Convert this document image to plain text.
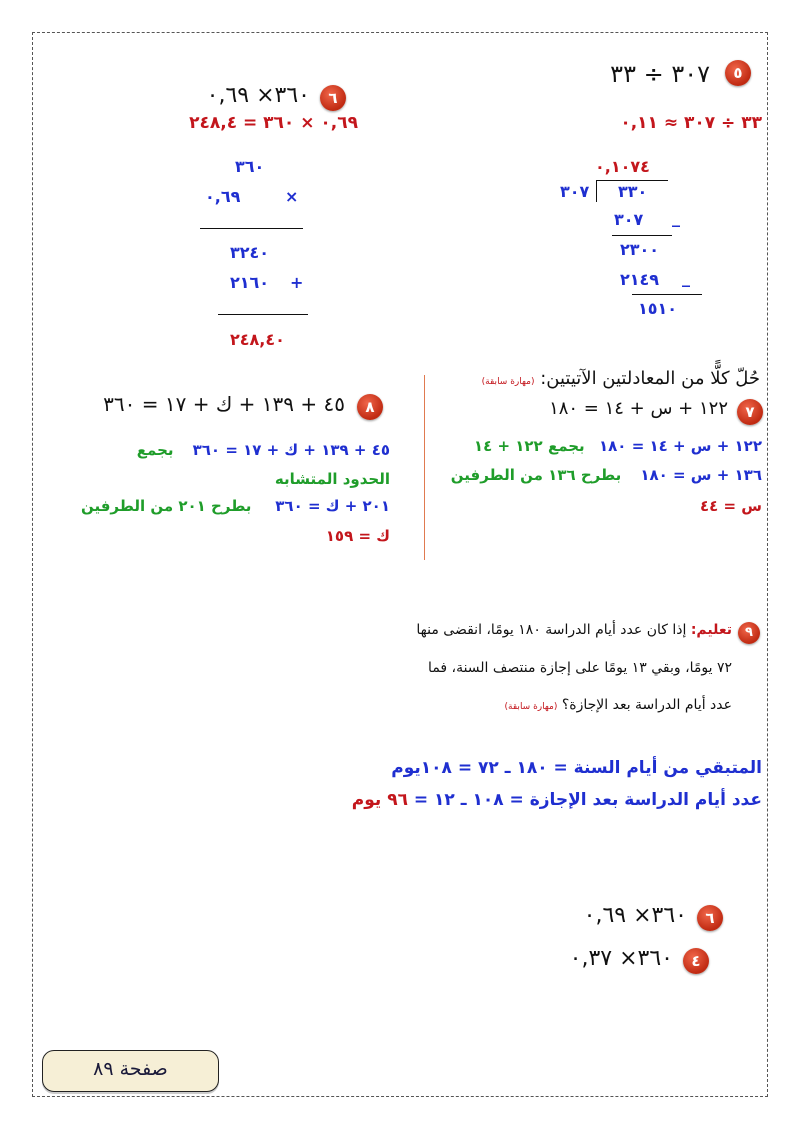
٥
٣٠٧ ÷ ٣٣
٣٣ ÷ ٣٠٧ ≈ ٠,١١
٠,١٠٧٤
٣٠٧ ٣٣٠
٣٠٧ _
٢٣٠٠
٢١٤٩ _
١٥١٠
٦
٣٦٠× ٠,٦٩
٠,٦٩ × ٣٦٠ = ٢٤٨,٤
٣٦٠
٠,٦٩	×
٣٢٤٠
٢١٦٠ +
٢٤٨,٤٠
حُلّ كلًّا من المعادلتين الآتيتين: (مهارة سابقة)
٧
١٢٢ + س + ١٤ = ١٨٠
١٢٢ + س + ١٤ = ١٨٠   بجمع ١٢٢ + ١٤
١٣٦ + س = ١٨٠    بطرح ١٣٦ من الطرفين
س = ٤٤
٨
٤٥ + ١٣٩ + ك + ١٧ = ٣٦٠
٤٥ + ١٣٩ + ك + ١٧ = ٣٦٠    بجمع
الحدود المتشابه
٢٠١ + ك = ٣٦٠     بطرح ٢٠١ من الطرفين
ك = ١٥٩
٩
تعليم: إذا كان عدد أيام الدراسة ١٨٠ يومًا، انقضى منها
٧٢ يومًا، وبقي ١٣ يومًا على إجازة منتصف السنة، فما
عدد أيام الدراسة بعد الإجازة؟ (مهارة سابقة)
المتبقي من أيام السنة = ١٨٠ ـ ٧٢ = ١٠٨يوم
عدد أيام الدراسة بعد الإجازة = ١٠٨ ـ ١٢ = ٩٦ يوم
٦
٣٦٠× ٠,٦٩
٤
٣٦٠× ٠,٣٧
صفحة ٨٩
